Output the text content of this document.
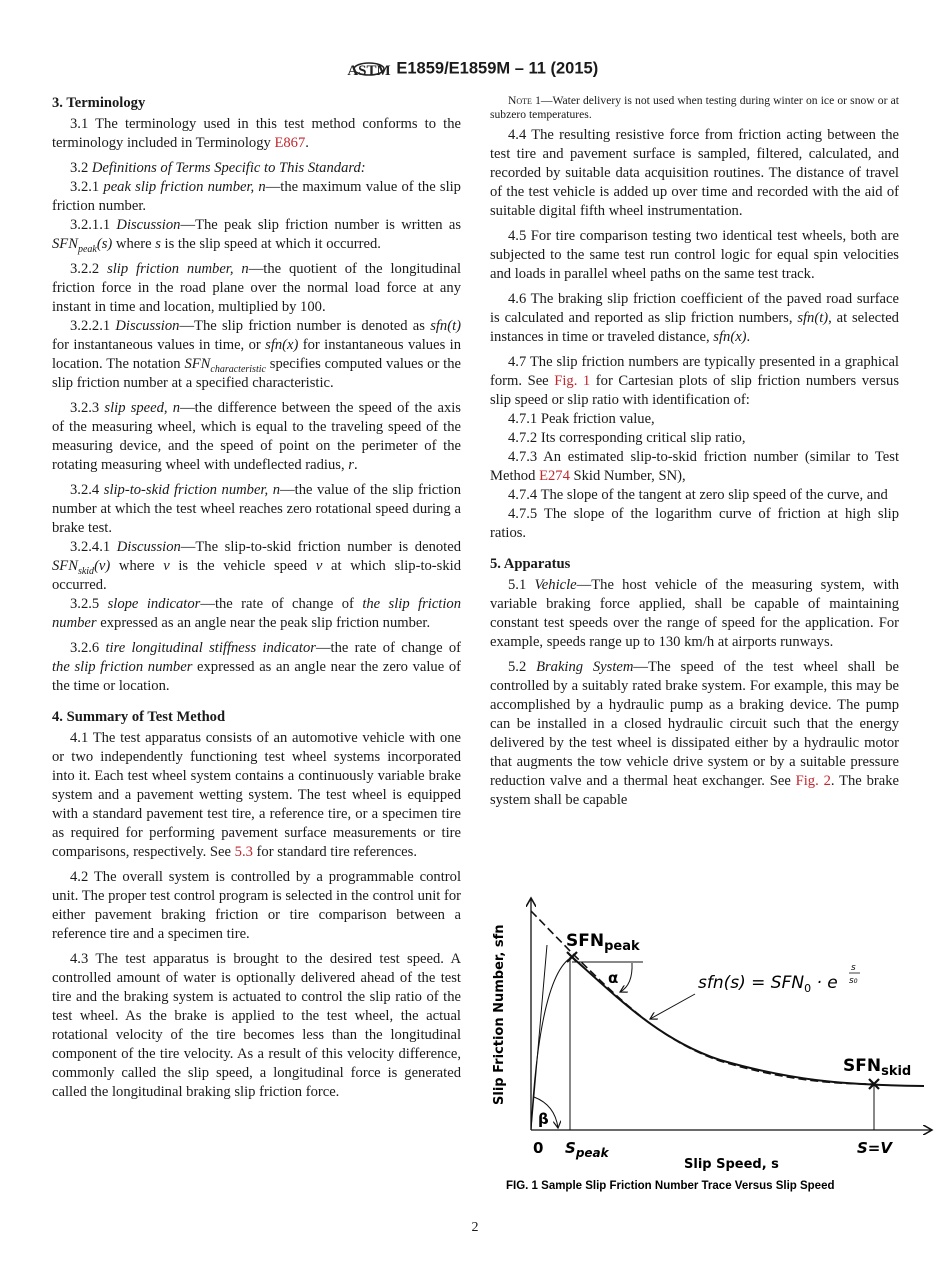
ASTM E1859/E1859M – 11 (2015)
3. Terminology

3.1 The terminology used in this test method conforms to the terminology included in Terminology E867.

3.2 Definitions of Terms Specific to This Standard:

3.2.1 peak slip friction number, n—the maximum value of the slip friction number.

3.2.1.1 Discussion—The peak slip friction number is written as $SFN_{peak}(s)$ where s is the slip speed at which it occurred.

3.2.2 slip friction number, n—the quotient of the longitudinal friction force in the road plane over the normal load force at any instant in time and location, multiplied by 100.

3.2.2.1 Discussion—The slip friction number is denoted as sfn(t) for instantaneous values in time, or sfn(x) for instantaneous values in location. The notation $SFN_{characteristic}$ specifies computed values or the slip friction number at a specified characteristic.

3.2.3 slip speed, n—the difference between the speed of the axis of the measuring wheel, which is equal to the traveling speed of the measuring device, and the speed of point on the perimeter of the rotating measuring wheel with undeflected radius, r.

3.2.4 slip-to-skid friction number, n—the value of the slip friction number at which the test wheel reaches zero rotational speed during a brake test.

3.2.4.1 Discussion—The slip-to-skid friction number is denoted $SFN_{skid}(v)$ where v is the vehicle speed v at which slip-to-skid occurred.

3.2.5 slope indicator—the rate of change of the slip friction number expressed as an angle near the peak slip friction number.

3.2.6 tire longitudinal stiffness indicator—the rate of change of the slip friction number expressed as an angle near the zero value of the time or location.

4. Summary of Test Method

4.1 The test apparatus consists of an automotive vehicle with one or two independently functioning test wheel systems incorporated into it. Each test wheel system contains a continuously variable brake system and a pavement wetting system. The test wheel is equipped with a standard pavement test tire, a reference tire, or a specimen tire as required for performing pavement surface measurements or tire comparisons, respectively. See 5.3 for standard tire references.

4.2 The overall system is controlled by a programmable control unit. The proper test control program is selected in the control unit for either pavement braking friction or tire comparison between a reference tire and a specimen tire.

4.3 The test apparatus is brought to the desired test speed. A controlled amount of water is optionally delivered ahead of the test tire and the braking system is actuated to control the slip ratio of the test wheel. As the brake is applied to the test wheel, the actual rotational velocity of the tire becomes less than the longitudinal component of the tire velocity. As a result of this velocity difference, commonly called the slip speed, a longitudinal force is generated called the longitudinal braking slip friction force.

Note 1—Water delivery is not used when testing during winter on ice or snow or at subzero temperatures.

4.4 The resulting resistive force from friction acting between the test tire and pavement surface is sampled, filtered, calculated, and recorded by suitable data acquisition routines. The distance of travel of the test vehicle is added up over time and recorded with the aid of suitable digital fifth wheel instrumentation.

4.5 For tire comparison testing two identical test wheels, both are subjected to the same test run control logic for equal spin velocities and loads in parallel wheel paths on the same test track.

4.6 The braking slip friction coefficient of the paved road surface is calculated and reported as slip friction numbers, sfn(t), at selected instances in time or traveled distance, sfn(x).

4.7 The slip friction numbers are typically presented in a graphical form. See Fig. 1 for Cartesian plots of slip friction numbers versus slip speed or slip ratio with identification of:

4.7.1 Peak friction value,

4.7.2 Its corresponding critical slip ratio,

4.7.3 An estimated slip-to-skid friction number (similar to Test Method E274 Skid Number, SN),

4.7.4 The slope of the tangent at zero slip speed of the curve, and

4.7.5 The slope of the logarithm curve of friction at high slip ratios.

5. Apparatus

5.1 Vehicle—The host vehicle of the measuring system, with variable braking force applied, shall be capable of maintaining constant test speeds over the range of speed for the application. For example, speeds range up to 130 km/h at airports runways.

5.2 Braking System—The speed of the test wheel shall be controlled by a suitably rated brake system. For example, this may be accomplished by a hydraulic pump as a braking device. The pump can be installed in a closed hydraulic circuit such that the energy delivered by the test wheel is dissipated either by a hydraulic motor that augments the tow vehicle drive system or by a suitable pressure reduction valve and a thermal heat exchanger. See Fig. 2. The brake system shall be capable

$SFN_{peak}$
$SFN_{skid}$
α
β
$sfn(s) = SFN_0 \cdot e$
s
s0
Slip Friction Number, sfn
0 $S_{peak}$	S=V
Slip Speed, s
FIG. 1 Sample Slip Friction Number Trace Versus Slip Speed
2
